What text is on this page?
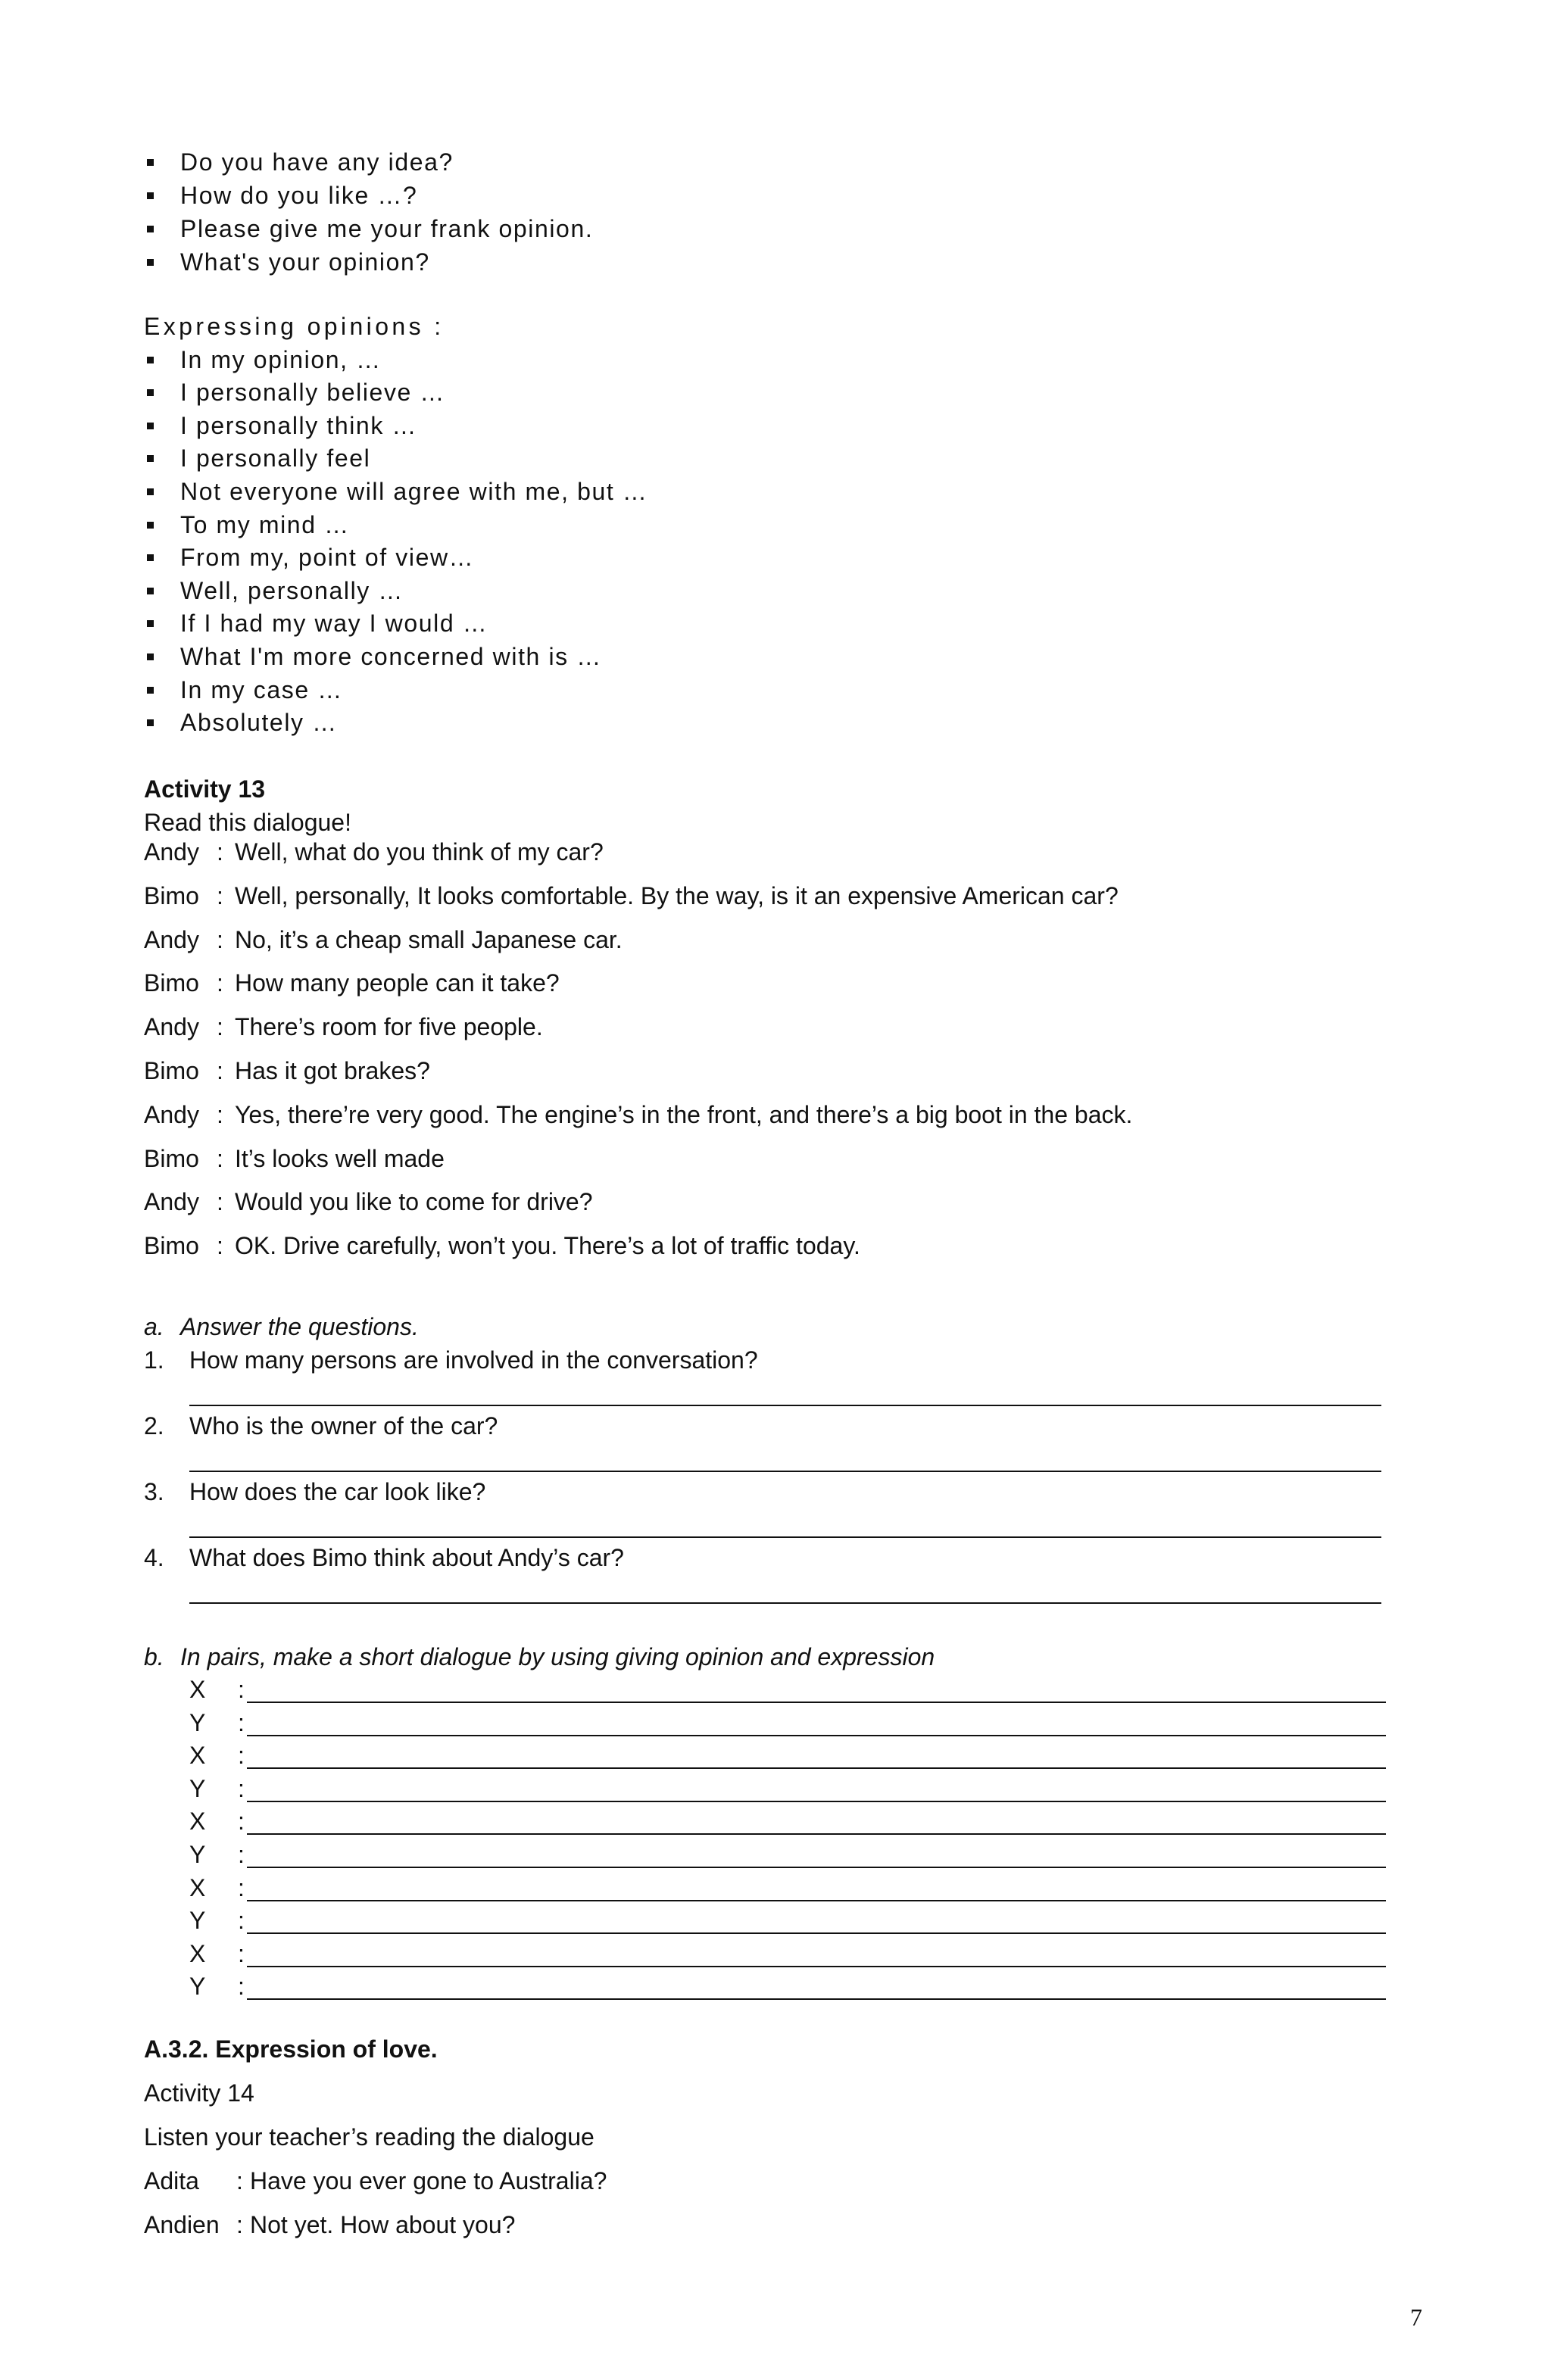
Do you have any idea?
How do you like …?
Please give me your frank opinion.
What's your opinion?
Expressing opinions :
In my opinion, …
I personally believe …
I personally think …
I personally feel
Not everyone will agree with me, but …
To my mind …
From my, point of view…
Well, personally …
If I had my way I would …
What I'm more concerned with is …
In my case …
Absolutely …
Activity 13
Read this dialogue!
Andy : Well, what do you think of my car?
Bimo : Well, personally, It looks comfortable. By the way, is it an expensive American car?
Andy : No, it’s a cheap small Japanese car.
Bimo : How many people can it take?
Andy : There’s room for five people.
Bimo : Has it got brakes?
Andy : Yes, there’re very good. The engine’s in the front, and there’s a big boot in the back.
Bimo : It’s looks well made
Andy : Would you like to come for drive?
Bimo : OK. Drive carefully, won’t you. There’s a lot of traffic today.
a. Answer the questions.
1. How many persons are involved in the conversation?
2. Who is the owner of the car?
3. How does the car look like?
4. What does Bimo think about Andy’s car?
b. In pairs, make a short dialogue by using giving opinion and expression
X :
Y :
X :
Y :
X :
Y :
X :
Y :
X :
Y :
A.3.2. Expression of love.
Activity 14
Listen your teacher’s reading the dialogue
Adita : Have you ever gone to Australia?
Andien : Not yet. How about you?
7
